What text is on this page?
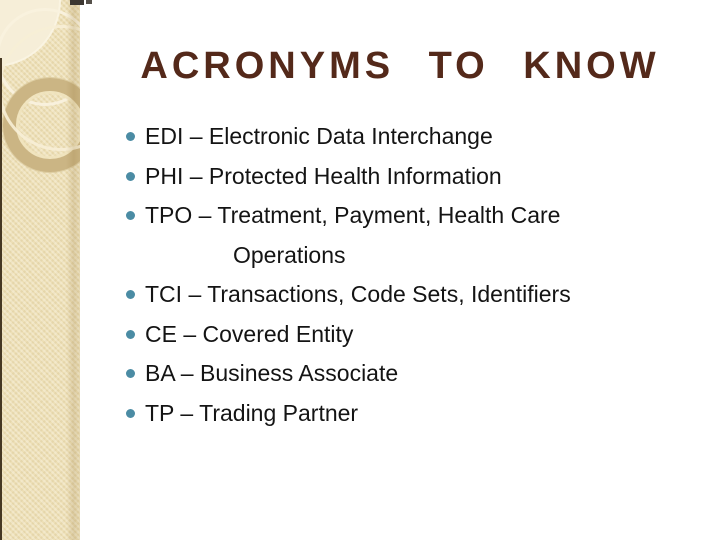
ACRONYMS TO KNOW
EDI – Electronic Data Interchange
PHI – Protected Health Information
TPO – Treatment, Payment, Health Care
Operations
TCI – Transactions, Code Sets, Identifiers
CE – Covered Entity
BA – Business Associate
TP – Trading Partner
